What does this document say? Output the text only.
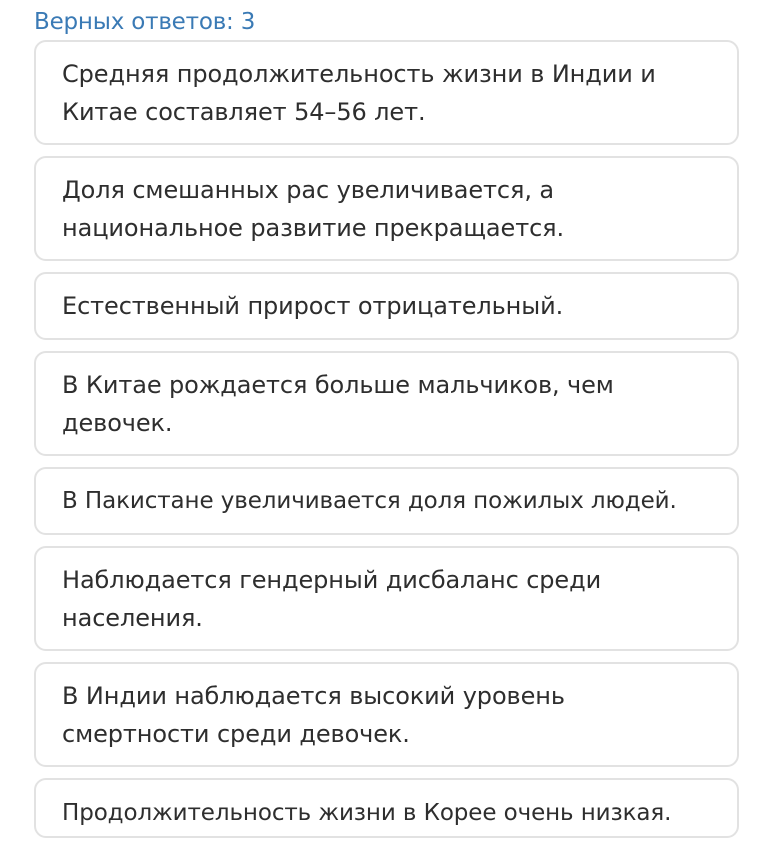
Верных ответов: 3
Средняя продолжительность жизни в Индии и Китае составляет 54–56 лет.
Доля смешанных рас увеличивается, а национальное развитие прекращается.
Естественный прирост отрицательный.
В Китае рождается больше мальчиков, чем девочек.
В Пакистане увеличивается доля пожилых людей.
Наблюдается гендерный дисбаланс среди населения.
В Индии наблюдается высокий уровень смертности среди девочек.
Продолжительность жизни в Корее очень низкая.
